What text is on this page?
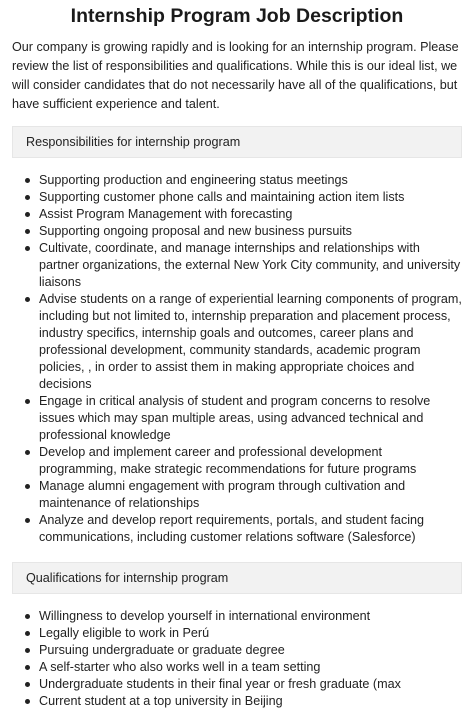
Internship Program Job Description

Our company is growing rapidly and is looking for an internship program. Please review the list of responsibilities and qualifications. While this is our ideal list, we will consider candidates that do not necessarily have all of the qualifications, but have sufficient experience and talent.

Responsibilities for internship program
Supporting production and engineering status meetings
Supporting customer phone calls and maintaining action item lists
Assist Program Management with forecasting
Supporting ongoing proposal and new business pursuits
Cultivate, coordinate, and manage internships and relationships with partner organizations, the external New York City community, and university liaisons
Advise students on a range of experiential learning components of program, including but not limited to, internship preparation and placement process, industry specifics, internship goals and outcomes, career plans and professional development, community standards, academic program policies, , in order to assist them in making appropriate choices and decisions
Engage in critical analysis of student and program concerns to resolve issues which may span multiple areas, using advanced technical and professional knowledge
Develop and implement career and professional development programming, make strategic recommendations for future programs
Manage alumni engagement with program through cultivation and maintenance of relationships
Analyze and develop report requirements, portals, and student facing communications, including customer relations software (Salesforce)
Qualifications for internship program
Willingness to develop yourself in international environment
Legally eligible to work in Perú
Pursuing undergraduate or graduate degree
A self-starter who also works well in a team setting
Undergraduate students in their final year or fresh graduate (max
Current student at a top university in Beijing
